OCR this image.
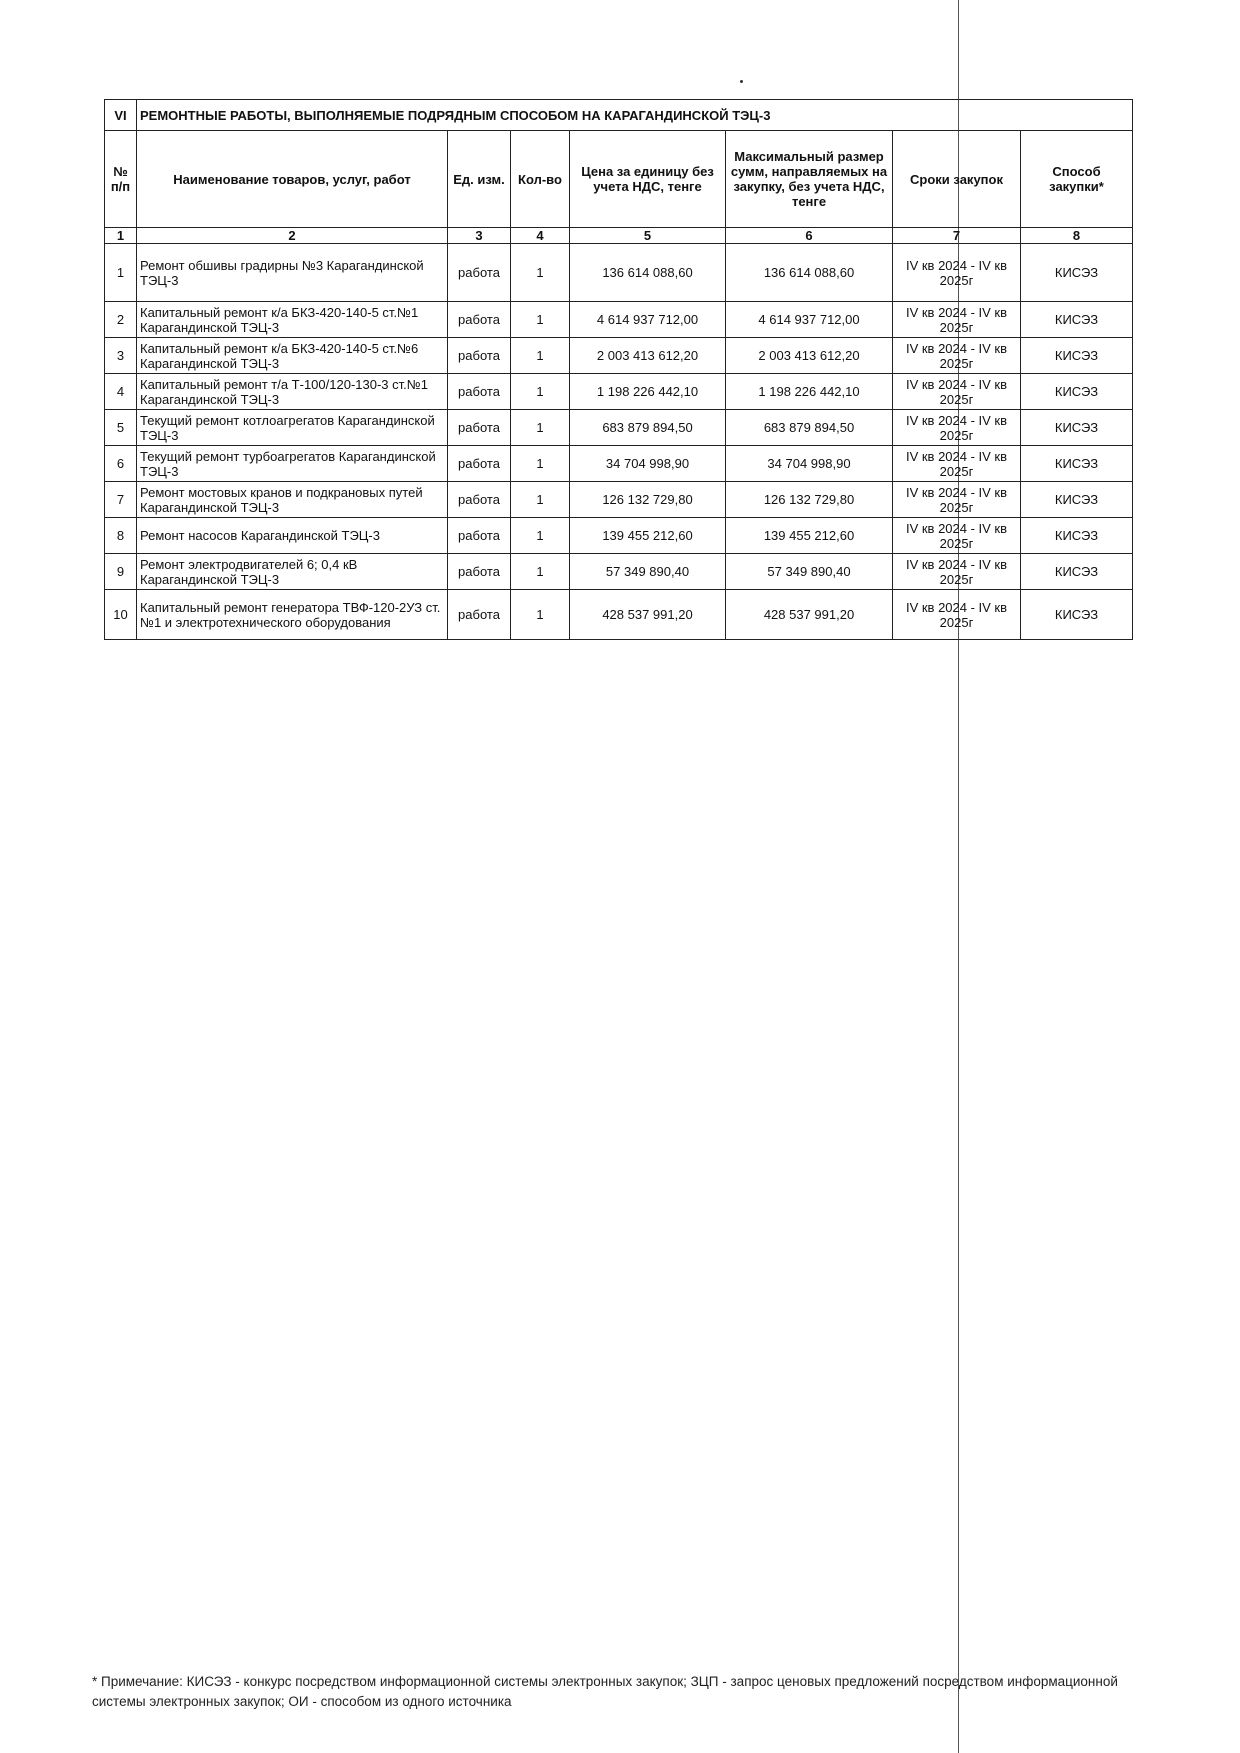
VI	РЕМОНТНЫЕ РАБОТЫ, ВЫПОЛНЯЕМЫЕ ПОДРЯДНЫМ СПОСОБОМ НА КАРАГАНДИНСКОЙ ТЭЦ-3						
№ п/п	Наименование товаров, услуг, работ	Ед. изм.	Кол-во	Цена за единицу без учета НДС, тенге	Максимальный размер сумм, направляемых на закупку, без учета НДС, тенге	Сроки закупок	Способ закупки*
1	2	3	4	5	6	7	8
1	Ремонт обшивы градирны №3 Карагандинской ТЭЦ-3	работа	1	136 614 088,60	136 614 088,60	IV кв 2024 - IV кв 2025г	КИСЭЗ
2	Капитальный ремонт к/а БКЗ-420-140-5 ст.№1 Карагандинской ТЭЦ-3	работа	1	4 614 937 712,00	4 614 937 712,00	IV кв 2024 - IV кв 2025г	КИСЭЗ
3	Капитальный ремонт к/а БКЗ-420-140-5 ст.№6 Карагандинской ТЭЦ-3	работа	1	2 003 413 612,20	2 003 413 612,20	IV кв 2024 - IV кв 2025г	КИСЭЗ
4	Капитальный ремонт т/а Т-100/120-130-3 ст.№1 Карагандинской ТЭЦ-3	работа	1	1 198 226 442,10	1 198 226 442,10	IV кв 2024 - IV кв 2025г	КИСЭЗ
5	Текущий ремонт котлоагрегатов Карагандинской ТЭЦ-3	работа	1	683 879 894,50	683 879 894,50	IV кв 2024 - IV кв 2025г	КИСЭЗ
6	Текущий ремонт турбоагрегатов Карагандинской ТЭЦ-3	работа	1	34 704 998,90	34 704 998,90	IV кв 2024 - IV кв 2025г	КИСЭЗ
7	Ремонт мостовых кранов и подкрановых путей Карагандинской ТЭЦ-3	работа	1	126 132 729,80	126 132 729,80	IV кв 2024 - IV кв 2025г	КИСЭЗ
8	Ремонт насосов Карагандинской ТЭЦ-3	работа	1	139 455 212,60	139 455 212,60	IV кв 2024 - IV кв 2025г	КИСЭЗ
9	Ремонт электродвигателей 6; 0,4 кВ Карагандинской ТЭЦ-3	работа	1	57 349 890,40	57 349 890,40	IV кв 2024 - IV кв 2025г	КИСЭЗ
10	Капитальный ремонт генератора ТВФ-120-2УЗ ст.№1 и электротехнического оборудования	работа	1	428 537 991,20	428 537 991,20	IV кв 2024 - IV кв 2025г	КИСЭЗ
* Примечание: КИСЭЗ - конкурс посредством информационной системы электронных закупок; ЗЦП - запрос ценовых предложений посредством информационной системы электронных закупок; ОИ - способом из одного источника
